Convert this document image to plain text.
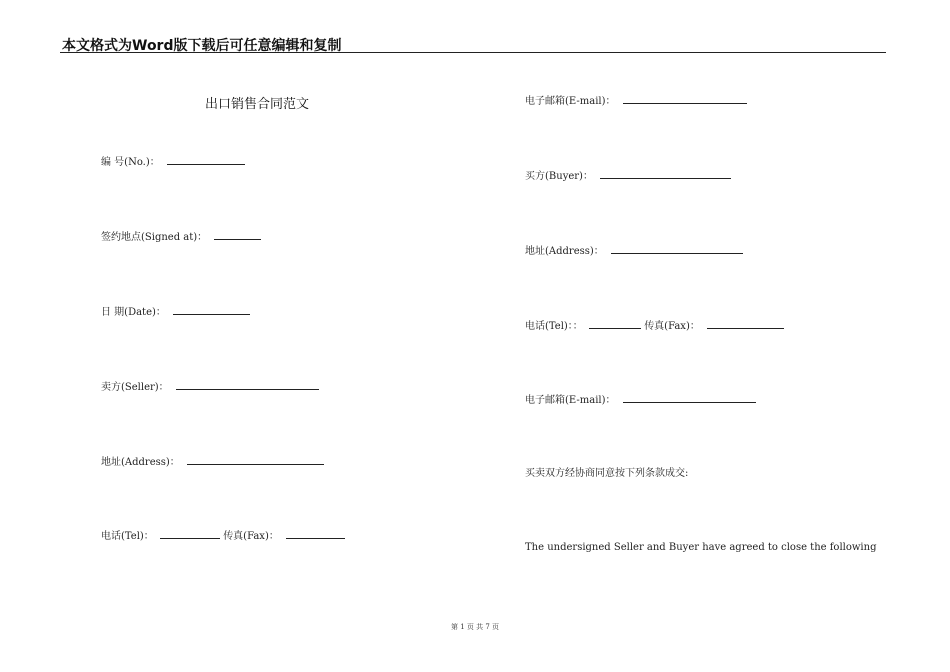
本文格式为Word版下载后可任意编辑和复制
出口销售合同范文
编 号(No.)：
签约地点(Signed at)：
日 期(Date)：
卖方(Seller)：
地址(Address)：
电话(Tel)：	传真(Fax)：
电子邮箱(E-mail)：
买方(Buyer)：
地址(Address)：
电话(Tel)：：	传真(Fax)：
电子邮箱(E-mail)：
买卖双方经协商同意按下列条款成交:
The undersigned Seller and Buyer have agreed to close the following
第 1 页 共 7 页
